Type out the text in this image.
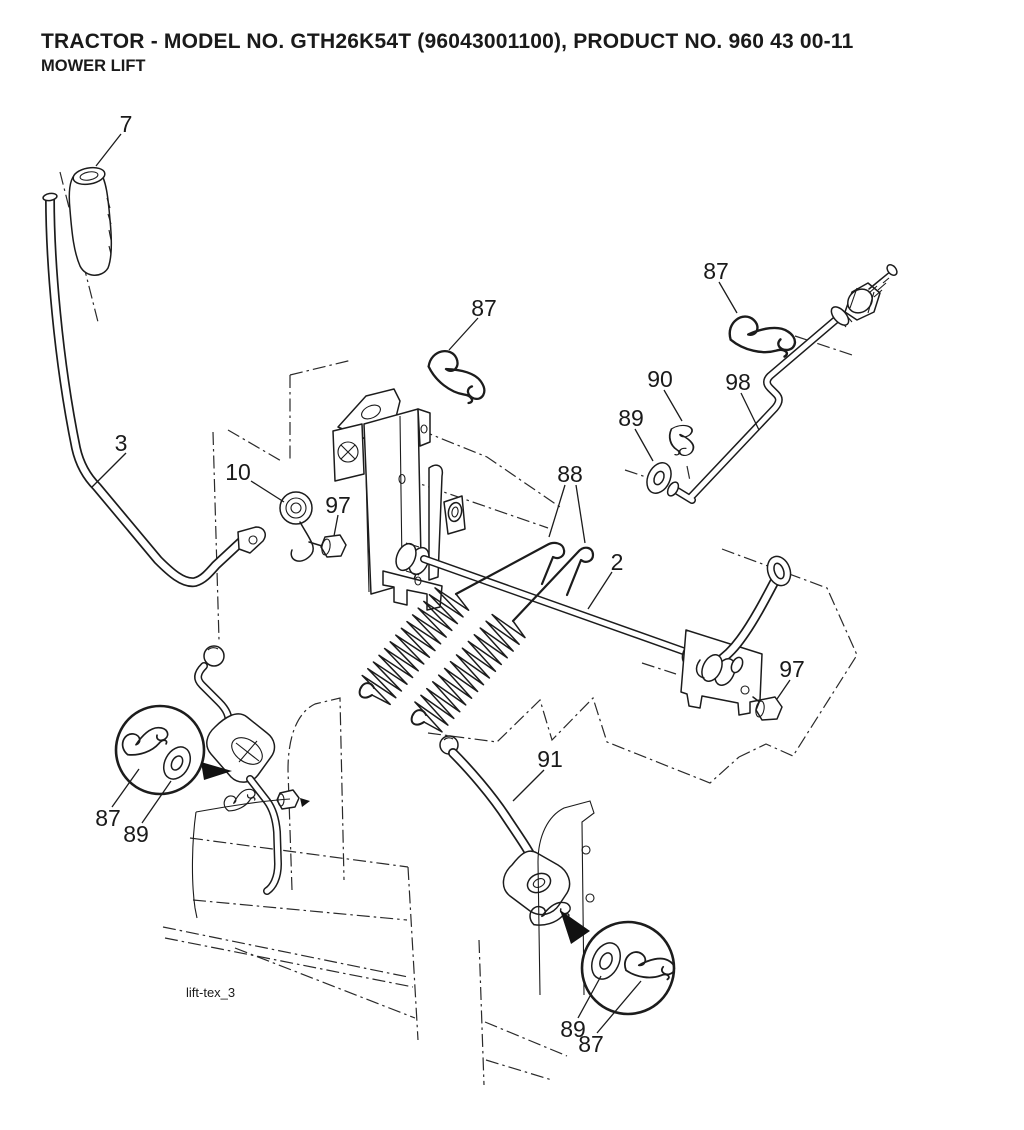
TRACTOR - MODEL NO. GTH26K54T (96043001100), PRODUCT NO. 960 43 00-11
MOWER LIFT
7
3
10
97
87
88
2
87
90 98
89
97
91
87
89
89
87
lift-tex_3
